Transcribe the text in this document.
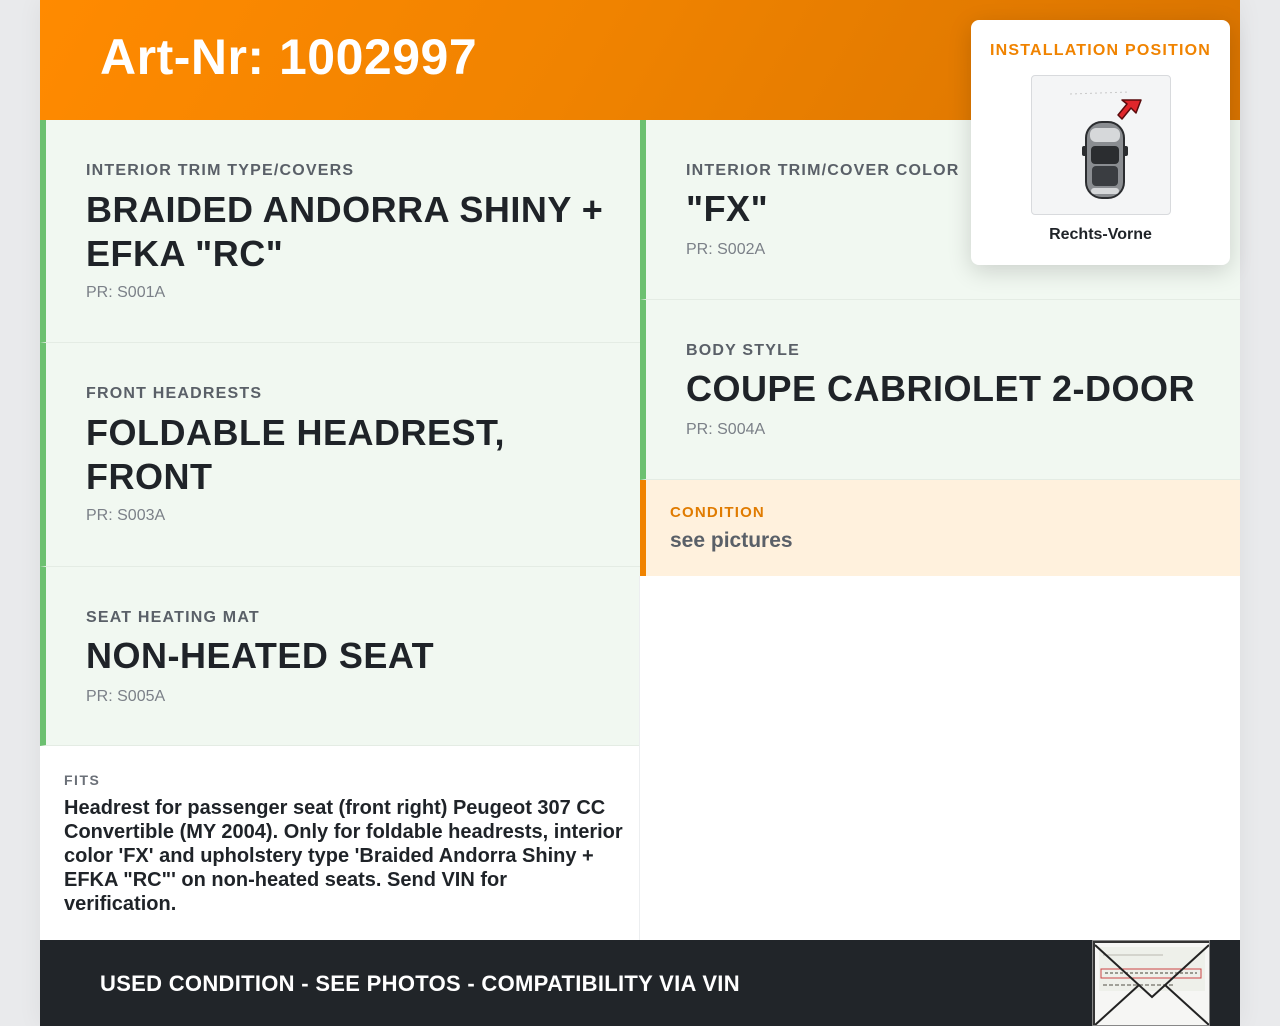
Art-Nr: 1002997
INTERIOR TRIM TYPE/COVERS
BRAIDED ANDORRA SHINY +
EFKA "RC"
PR: S001A
FRONT HEADRESTS
FOLDABLE HEADREST,
FRONT
PR: S003A
SEAT HEATING MAT
NON-HEATED SEAT
PR: S005A
INTERIOR TRIM/COVER COLOR
"FX"
PR: S002A
BODY STYLE
COUPE CABRIOLET 2-DOOR
PR: S004A
CONDITION
see pictures
FITS
Headrest for passenger seat (front right) Peugeot 307 CC Convertible (MY 2004). Only for foldable headrests, interior color 'FX' and upholstery type 'Braided Andorra Shiny + EFKA "RC"' on non-heated seats. Send VIN for verification.
USED CONDITION - SEE PHOTOS - COMPATIBILITY VIA VIN
INSTALLATION POSITION
Rechts-Vorne
